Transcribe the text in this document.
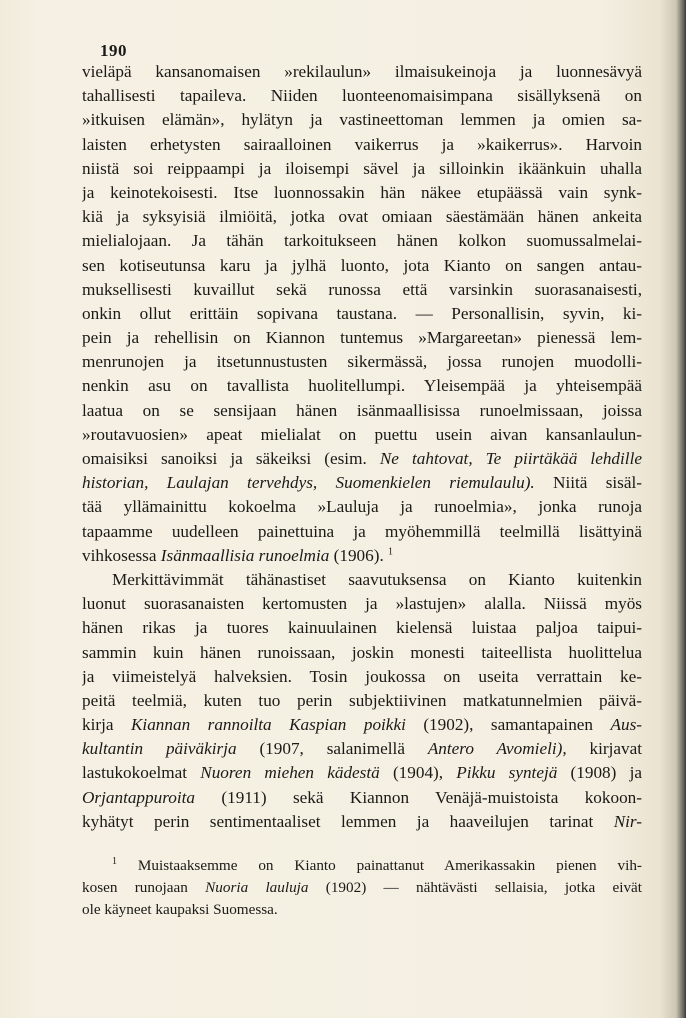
190
vieläpä kansanomaisen »rekilaulun» ilmaisukeinoja ja luonnesävyä
tahallisesti tapaileva. Niiden luonteenomaisimpana sisällyksenä on
»itkuisen elämän», hylätyn ja vastineettoman lemmen ja omien sa-
laisten erhetysten sairaalloinen vaikerrus ja »kaikerrus». Harvoin
niistä soi reippaampi ja iloisempi sävel ja silloinkin ikäänkuin uhalla
ja keinotekoisesti. Itse luonnossakin hän näkee etupäässä vain synk-
kiä ja syksyisiä ilmiöitä, jotka ovat omiaan säestämään hänen ankeita
mielialojaan. Ja tähän tarkoitukseen hänen kolkon suomussalmelai-
sen kotiseutunsa karu ja jylhä luonto, jota Kianto on sangen antau-
muksellisesti kuvaillut sekä runossa että varsinkin suorasanaisesti,
onkin ollut erittäin sopivana taustana. — Personallisin, syvin, ki-
pein ja rehellisin on Kiannon tuntemus »Margareetan» pienessä lem-
menrunojen ja itsetunnustusten sikermässä, jossa runojen muodolli-
nenkin asu on tavallista huolitellumpi. Yleisempää ja yhteisempää
laatua on se sensijaan hänen isänmaallisissa runoelmissaan, joissa
»routavuosien» apeat mielialat on puettu usein aivan kansanlaulun-
omaisiksi sanoiksi ja säkeiksi (esim. Ne tahtovat, Te piirtäkää lehdille
historian, Laulajan tervehdys, Suomenkielen riemulaulu). Niitä sisäl-
tää yllämainittu kokoelma »Lauluja ja runoelmia», jonka runoja
tapaamme uudelleen painettuina ja myöhemmillä teelmillä lisättyinä
vihkosessa Isänmaallisia runoelmia (1906). $^1$
Merkittävimmät tähänastiset saavutuksensa on Kianto kuitenkin
luonut suorasanaisten kertomusten ja »lastujen» alalla. Niissä myös
hänen rikas ja tuores kainuulainen kielensä luistaa paljoa taipui-
sammin kuin hänen runoissaan, joskin monesti taiteellista huolittelua
ja viimeistelyä halveksien. Tosin joukossa on useita verrattain ke-
peitä teelmiä, kuten tuo perin subjektiivinen matkatunnelmien päivä-
kirja Kiannan rannoilta Kaspian poikki (1902), samantapainen Aus-
kultantin päiväkirja (1907, salanimellä Antero Avomieli), kirjavat
lastukokoelmat Nuoren miehen kädestä (1904), Pikku syntejä (1908) ja
Orjantappuroita (1911) sekä Kiannon Venäjä-muistoista kokoon-
kyhätyt perin sentimentaaliset lemmen ja haaveilujen tarinat Nir-
$^1$ Muistaaksemme on Kianto painattanut Amerikassakin pienen vih-
kosen runojaan Nuoria lauluja (1902) — nähtävästi sellaisia, jotka eivät
ole käyneet kaupaksi Suomessa.
